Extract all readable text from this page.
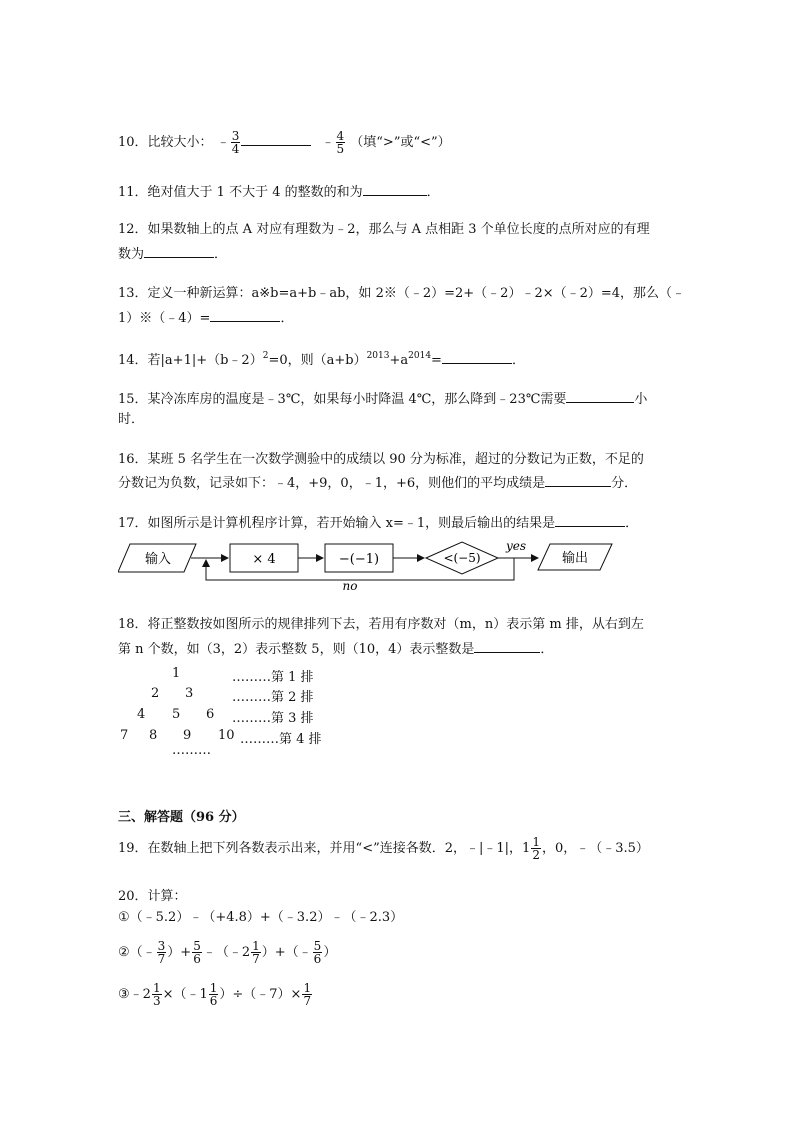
10．比较大小： ﹣ $\frac{3}{4}$	﹣ $\frac{4}{5}$ （填“>”或“<”）
11．绝对值大于 1 不大于 4 的整数的和为	．
12．如果数轴上的点 A 对应有理数为﹣2，那么与 A 点相距 3 个单位长度的点所对应的有理
数为	．
13．定义一种新运算：a※b=a+b﹣ab，如 2※（﹣2）=2+（﹣2）﹣2×（﹣2）=4，那么（﹣
1）※（﹣4）=	．
14．若|a+1|+（b﹣2）$^2$=0，则$(a+b)^{2013}+a^{2014}=$	．
15．某冷冻库房的温度是﹣3℃，如果每小时降温 4℃，那么降到﹣23℃需要	小
时．
16．某班 5 名学生在一次数学测验中的成绩以 90 分为标准，超过的分数记为正数，不足的
分数记为负数，记录如下：﹣4，+9，0，﹣1，+6，则他们的平均成绩是	分．
17．如图所示是计算机程序计算，若开始输入 x=﹣1，则最后输出的结果是	．
输入	× 4	−(−1)	<(−5)
yes
输出
no
18．将正整数按如图所示的规律排列下去，若用有序数对（m，n）表示第 m 排，从右到左
第 n 个数，如（3，2）表示整数 5，则（10，4）表示整数是	．
1	………第 1 排
2 3	………第 2 排
4 5 6 ………第 3 排
7 8 9 10 ………第 4 排
………
三、解答题（96 分）
19．在数轴上把下列各数表示出来，并用“<”连接各数．2，﹣|﹣1|，$1 \frac{1}{2}$ ，0，﹣（﹣3.5）
20．计算：
①（﹣5.2）﹣（+4.8）+（﹣3.2）﹣（﹣2.3）
②（﹣ $\frac{3}{7}$ ）+ $\frac{5}{6}$ ﹣（﹣2 $\frac{1}{7}$ ）+（﹣ $\frac{5}{6}$ ）
③﹣2 $\frac{1}{3}$ ×（﹣1 $\frac{1}{6}$ ）÷（﹣7）× $\frac{1}{7}$
